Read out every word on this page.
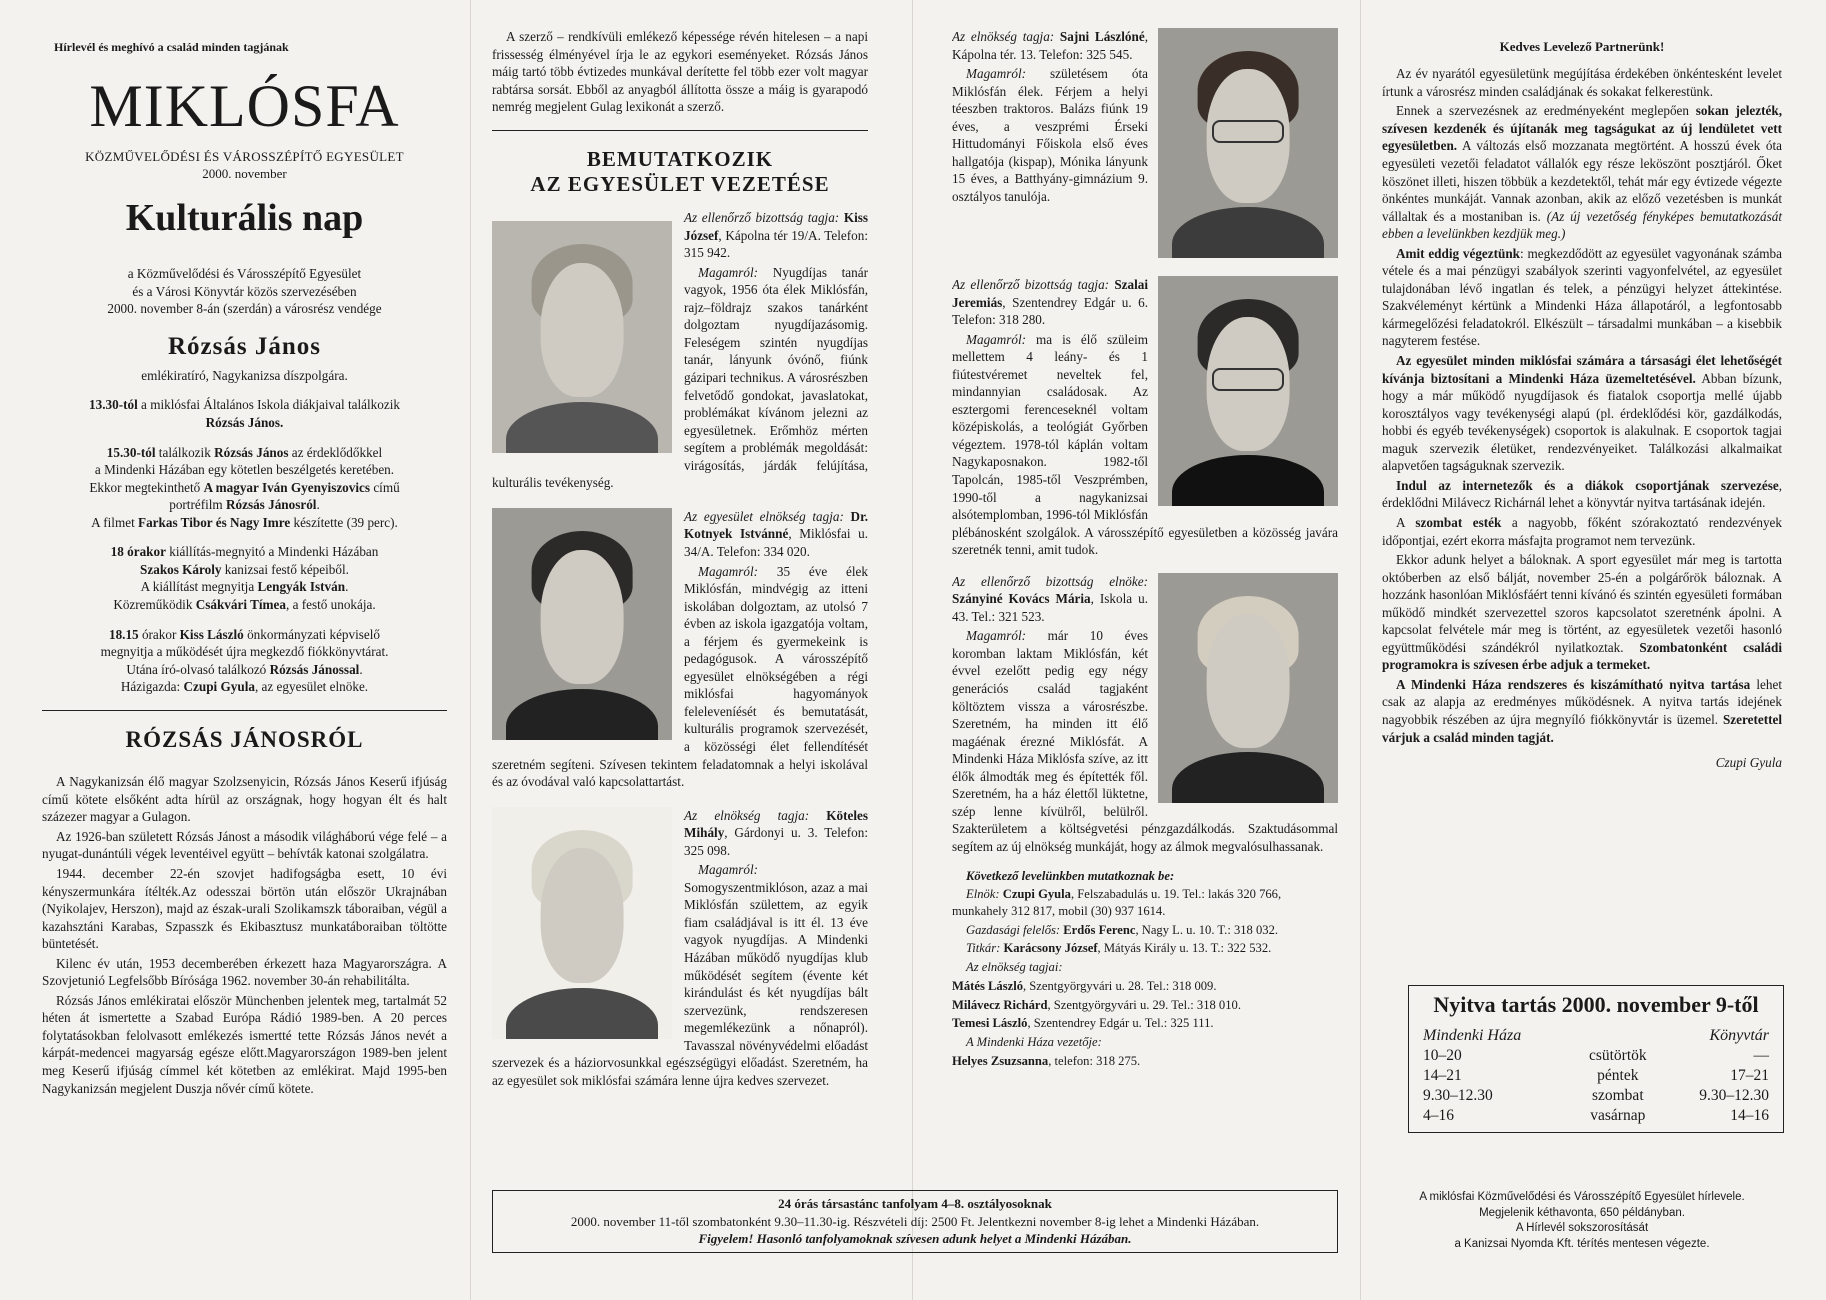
Hírlevél és meghívó a család minden tagjának
MIKLÓSFA
KÖZMŰVELŐDÉSI ÉS VÁROSSZÉPÍTŐ EGYESÜLET
2000. november
Kulturális nap
a Közművelődési és Városszépítő Egyesület
és a Városi Könyvtár közös szervezésében
2000. november 8-án (szerdán) a városrész vendége
Rózsás János
emlékiratíró, Nagykanizsa díszpolgára.

13.30-tól a miklósfai Általános Iskola diákjaival találkozik

Rózsás János.

15.30-tól találkozik Rózsás János az érdeklődőkkel

a Mindenki Házában egy kötetlen beszélgetés keretében.

Ekkor megtekinthető A magyar Iván Gyenyiszovics című

portréfilm Rózsás Jánosról.

A filmet Farkas Tibor és Nagy Imre készítette (39 perc).

18 órakor kiállítás-megnyitó a Mindenki Házában

Szakos Károly kanizsai festő képeiből.

A kiállítást megnyitja Lengyák István.

Közreműködik Csákvári Tímea, a festő unokája.

18.15 órakor Kiss László önkormányzati képviselő

megnyitja a működését újra megkezdő fiókkönyvtárat.

Utána író-olvasó találkozó Rózsás Jánossal.

Házigazda: Czupi Gyula, az egyesület elnöke.

RÓZSÁS JÁNOSRÓL

A Nagykanizsán élő magyar Szolzsenyicin, Rózsás János Keserű ifjúság című kötete elsőként adta hírül az országnak, hogy hogyan élt és halt százezer magyar a Gulagon.

Az 1926-ban született Rózsás Jánost a második világháború vége felé – a nyugat-dunántúli végek leventéivel együtt – behívták katonai szolgálatra.

1944. december 22-én szovjet hadifogságba esett, 10 évi kényszermunkára ítélték.Az odesszai börtön után először Ukrajnában (Nyikolajev, Herszon), majd az észak-urali Szolikamszk táboraiban, végül a kazahsztáni Karabas, Szpasszk és Ekibasztusz munkatáboraiban töltötte büntetését.

Kilenc év után, 1953 decemberében érkezett haza Magyarországra. A Szovjetunió Legfelsőbb Bírósága 1962. november 30-án rehabilitálta.

Rózsás János emlékiratai először Münchenben jelentek meg, tartalmát 52 héten át ismertette a Szabad Európa Rádió 1989-ben. A 20 perces folytatásokban felolvasott emlékezés ismertté tette Rózsás János nevét a kárpát-medencei magyarság egésze előtt.Magyarországon 1989-ben jelent meg Keserű ifjúság címmel két kötetben az emlékirat. Majd 1995-ben Nagykanizsán megjelent Duszja nővér című kötete.

A szerző – rendkívüli emlékező képessége révén hitelesen – a napi frissesség élményével írja le az egykori eseményeket. Rózsás János máig tartó több évtizedes munkával derítette fel több ezer volt magyar rabtársa sorsát. Ebből az anyagból állította össze a máig is gyarapodó nemrég megjelent Gulag lexikonát a szerző.

BEMUTATKOZIK
AZ EGYESÜLET VEZETÉSE

Az ellenőrző bizottság tagja: Kiss József, Kápolna tér 19/A. Telefon: 315 942.

Magamról: Nyugdíjas tanár vagyok, 1956 óta élek Miklósfán, rajz–földrajz szakos tanárként dolgoztam nyugdíjazásomig. Feleségem szintén nyugdíjas tanár, lányunk óvónő, fiúnk gázipari technikus. A városrészben felvetődő gondokat, javaslatokat, problémákat kívánom jelezni az egyesületnek. Erőmhöz mérten segítem a problémák megoldását: virágosítás, járdák felújítása, kulturális tevékenység.

Az egyesület elnökség tagja: Dr. Kotnyek Istvánné, Miklósfai u. 34/A. Telefon: 334 020.

Magamról: 35 éve élek Miklósfán, mindvégig az itteni iskolában dolgoztam, az utolsó 7 évben az iskola igazgatója voltam, a férjem és gyermekeink is pedagógusok. A városszépítő egyesület elnökségében a régi miklósfai hagyományok feleleveníését és bemutatását, kulturális programok szervezését, a közösségi élet fellendítését szeretném segíteni. Szívesen tekintem feladatomnak a helyi iskolával és az óvodával való kapcsolattartást.

Az elnökség tagja: Köteles Mihály, Gárdonyi u. 3. Telefon: 325 098.

Magamról: Somogyszentmiklóson, azaz a mai Miklósfán születtem, az egyik fiam családjával is itt él. 13 éve vagyok nyugdíjas. A Mindenki Házában működő nyugdíjas klub működését segítem (évente két kirándulást és két nyugdíjas bált szervezünk, rendszeresen megemlékezünk a nőnapról). Tavasszal növényvédelmi előadást szervezek és a háziorvosunkkal egészségügyi előadást. Szeretném, ha az egyesület sok miklósfai számára lenne újra kedves szervezet.

Az elnökség tagja: Sajni Lászlóné, Kápolna tér. 13. Telefon: 325 545.

Magamról: születésem óta Miklósfán élek. Férjem a helyi téeszben traktoros. Balázs fiúnk 19 éves, a veszprémi Érseki Hittudományi Főiskola első éves hallgatója (kispap), Mónika lányunk 15 éves, a Batthyány-gimnázium 9. osztályos tanulója.

Az ellenőrző bizottság tagja: Szalai Jeremiás, Szentendrey Edgár u. 6. Telefon: 318 280.

Magamról: ma is élő szüleim mellettem 4 leány- és 1 fiútestvéremet neveltek fel, mindannyian családosak. Az esztergomi ferenceseknél voltam középiskolás, a teológiát Győrben végeztem. 1978-tól káplán voltam Nagykaposnakon. 1982-től Tapolcán, 1985-től Veszprémben, 1990-től a nagykanizsai alsótemplomban, 1996-tól Miklósfán plébánosként szolgálok. A városszépítő egyesületben a közösség javára szeretnék tenni, amit tudok.

Az ellenőrző bizottság elnöke: Szányiné Kovács Mária, Iskola u. 43. Tel.: 321 523.

Magamról: már 10 éves koromban laktam Miklósfán, két évvel ezelőtt pedig egy négy generációs család tagjaként költöztem vissza a városrészbe. Szeretném, ha minden itt élő magáénak érezné Miklósfát. A Mindenki Háza Miklósfa szíve, az itt élők álmodták meg és építették fől. Szeretném, ha a ház élettől lüktetne, szép lenne kívülről, belülről. Szakterületem a költségvetési pénzgazdálkodás. Szaktudásommal segítem az új elnökség munkáját, hogy az álmok megvalósulhassanak.

Következő levelünkben mutatkoznak be:

Elnök: Czupi Gyula, Felszabadulás u. 19. Tel.: lakás 320 766, munkahely 312 817, mobil (30) 937 1614.

Gazdasági felelős: Erdős Ferenc, Nagy L. u. 10. T.: 318 032.

Titkár: Karácsony József, Mátyás Király u. 13. T.: 322 532.

Az elnökség tagjai:

Mátés László, Szentgyörgyvári u. 28. Tel.: 318 009.

Milávecz Richárd, Szentgyörgyvári u. 29. Tel.: 318 010.

Temesi László, Szentendrey Edgár u. Tel.: 325 111.

A Mindenki Háza vezetője:

Helyes Zsuzsanna, telefon: 318 275.

24 órás társastánc tanfolyam 4–8. osztályosoknak
2000. november 11-től szombatonként 9.30–11.30-ig. Részvételi díj: 2500 Ft. Jelentkezni november 8-ig lehet a Mindenki Házában.
Figyelem! Hasonló tanfolyamoknak szívesen adunk helyet a Mindenki Házában.
Kedves Levelező Partnerünk!

Az év nyarától egyesületünk megújítása érdekében önkéntesként levelet írtunk a városrész minden családjának és sokakat felkerestünk.

Ennek a szervezésnek az eredményeként meglepően sokan jelezték, szívesen kezdenék és újítanák meg tagságukat az új lendületet vett egyesületben. A változás első mozzanata megtörtént. A hosszú évek óta egyesületi vezetői feladatot vállalók egy része leköszönt posztjáról. Őket köszönet illeti, hiszen többük a kezdetektől, tehát már egy évtizede végezte önkéntes munkáját. Vannak azonban, akik az előző vezetésben is munkát vállaltak és a mostaniban is. (Az új vezetőség fényképes bemutatkozását ebben a levelünkben kezdjük meg.)

Amit eddig végeztünk: megkezdődött az egyesület vagyonának számba vétele és a mai pénzügyi szabályok szerinti vagyonfelvétel, az egyesület tulajdonában lévő ingatlan és telek, a pénzügyi helyzet áttekintése. Szakvéleményt kértünk a Mindenki Háza állapotáról, a legfontosabb kármegelőzési feladatokról. Elkészült – társadalmi munkában – a kisebbik nagyterem festése.

Az egyesület minden miklósfai számára a társasági élet lehetőségét kívánja biztosítani a Mindenki Háza üzemeltetésével. Abban bízunk, hogy a már működő nyugdíjasok és fiatalok csoportja mellé újabb korosztályos vagy tevékenységi alapú (pl. érdeklődési kör, gazdálkodás, hobbi és egyéb tevékenységek) csoportok is alakulnak. E csoportok tagjai maguk szervezik életüket, rendezvényeiket. Találkozási alkalmaikat alapvetően tagságuknak szervezik.

Indul az internetezők és a diákok csoportjának szervezése, érdeklődni Milávecz Richárnál lehet a könyvtár nyitva tartásának idején.

A szombat esték a nagyobb, főként szórakoztató rendezvények időpontjai, ezért ekorra másfajta programot nem tervezünk.

Ekkor adunk helyet a báloknak. A sport egyesület már meg is tartotta októberben az első bálját, november 25-én a polgárőrök báloznak. A hozzánk hasonlóan Miklósfáért tenni kívánó és szintén egyesületi formában működő mindkét szervezettel szoros kapcsolatot szeretnénk ápolni. A kapcsolat felvétele már meg is történt, az egyesületek vezetői hasonló együttműködési szándékról nyilatkoztak. Szombatonként családi programokra is szívesen érbe adjuk a termeket.

A Mindenki Háza rendszeres és kiszámítható nyitva tartása lehet csak az alapja az eredményes működésnek. A nyitva tartás idejének nagyobbik részében az újra megnyíló fiókkönyvtár is üzemel. Szeretettel várjuk a család minden tagját.

Czupi Gyula
Nyitva tartás 2000. november 9-től
Mindenki Háza		Könyvtár
10–20	csütörtök	—
14–21	péntek	17–21
9.30–12.30	szombat	9.30–12.30
4–16	vasárnap	14–16
A miklósfai Közművelődési és Városszépítő Egyesület hírlevele.
Megjelenik kéthavonta, 650 példányban.
A Hírlevél sokszorosítását
a Kanizsai Nyomda Kft. térítés mentesen végezte.
